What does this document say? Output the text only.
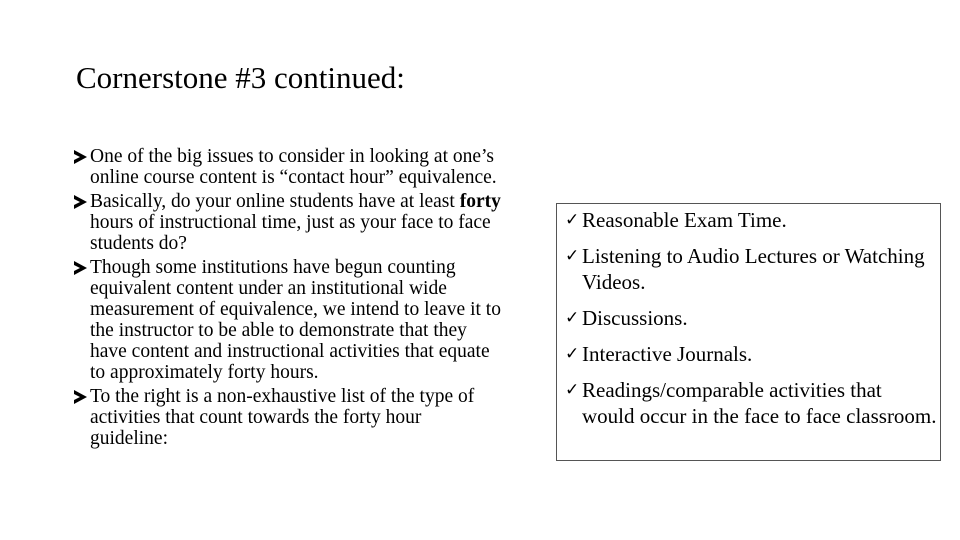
Cornerstone #3 continued:
One of the big issues to consider in looking at one’s online course content is “contact hour” equivalence.
Basically, do your online students have at least forty hours of instructional time, just as your face to face students do?
Though some institutions have begun counting equivalent content under an institutional wide measurement of equivalence, we intend to leave it to the instructor to be able to demonstrate that they have content and instructional activities that equate to approximately forty hours.
To the right is a non-exhaustive list of the type of activities that count towards the forty hour guideline:
✓ Reasonable Exam Time.
✓ Listening to Audio Lectures or Watching Videos.
✓ Discussions.
✓ Interactive Journals.
✓ Readings/comparable activities that would occur in the face to face classroom.
